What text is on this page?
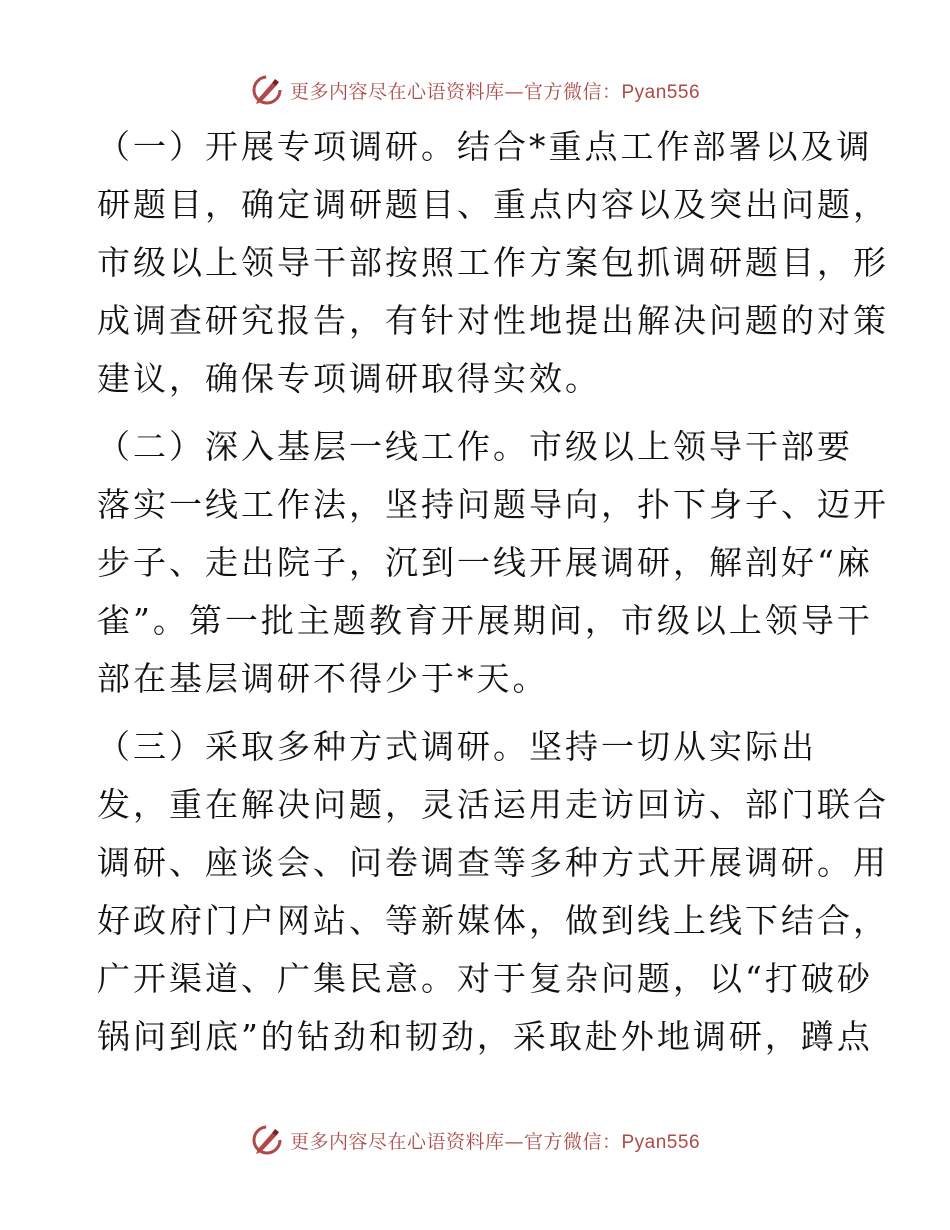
更多内容尽在心语资料库—官方微信：Pyan556
（一）开展专项调研。结合*重点工作部署以及调
研题目，确定调研题目、重点内容以及突出问题，
市级以上领导干部按照工作方案包抓调研题目，形
成调查研究报告，有针对性地提出解决问题的对策
建议，确保专项调研取得实效。
（二）深入基层一线工作。市级以上领导干部要
落实一线工作法，坚持问题导向，扑下身子、迈开
步子、走出院子，沉到一线开展调研，解剖好“麻
雀”。第一批主题教育开展期间，市级以上领导干
部在基层调研不得少于*天。
（三）采取多种方式调研。坚持一切从实际出
发，重在解决问题，灵活运用走访回访、部门联合
调研、座谈会、问卷调查等多种方式开展调研。用
好政府门户网站、等新媒体，做到线上线下结合，
广开渠道、广集民意。对于复杂问题，以“打破砂
锅问到底”的钻劲和韧劲，采取赴外地调研，蹲点
更多内容尽在心语资料库—官方微信：Pyan556
